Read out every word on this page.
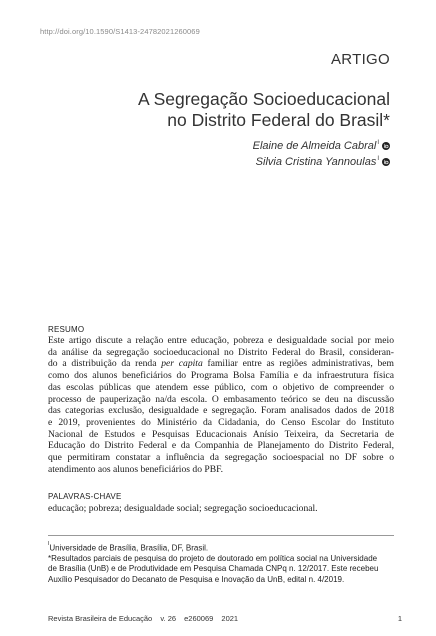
http://doi.org/10.1590/S1413-24782021260069
ARTIGO
A Segregação Socioeducacional
no Distrito Federal do Brasil*
Elaine de Almeida Cabral$^I$
Silvia Cristina Yannoulas$^I$
RESUMO
Este artigo discute a relação entre educação, pobreza e desigualdade social por meio
da análise da segregação socioeducacional no Distrito Federal do Brasil, consideran-
do a distribuição da renda per capita familiar entre as regiões administrativas, bem
como dos alunos beneficiários do Programa Bolsa Família e da infraestrutura física
das escolas públicas que atendem esse público, com o objetivo de compreender o
processo de pauperização na/da escola. O embasamento teórico se deu na discussão
das categorias exclusão, desigualdade e segregação. Foram analisados dados de 2018
e 2019, provenientes do Ministério da Cidadania, do Censo Escolar do Instituto
Nacional de Estudos e Pesquisas Educacionais Anísio Teixeira, da Secretaria de
Educação do Distrito Federal e da Companhia de Planejamento do Distrito Federal,
que permitiram constatar a influência da segregação socioespacial no DF sobre o
atendimento aos alunos beneficiários do PBF.
PALAVRAS-CHAVE
educação; pobreza; desigualdade social; segregação socioeducacional.

$^I$Universidade de Brasília, Brasília, DF, Brasil.

*Resultados parciais de pesquisa do projeto de doutorado em política social na Universidade de Brasília (UnB) e de Produtividade em Pesquisa Chamada CNPq n. 12/2017. Este recebeu Auxílio Pesquisador do Decanato de Pesquisa e Inovação da UnB, edital n. 4/2019.

Revista Brasileira de Educação v. 26 e260069 2021	1
